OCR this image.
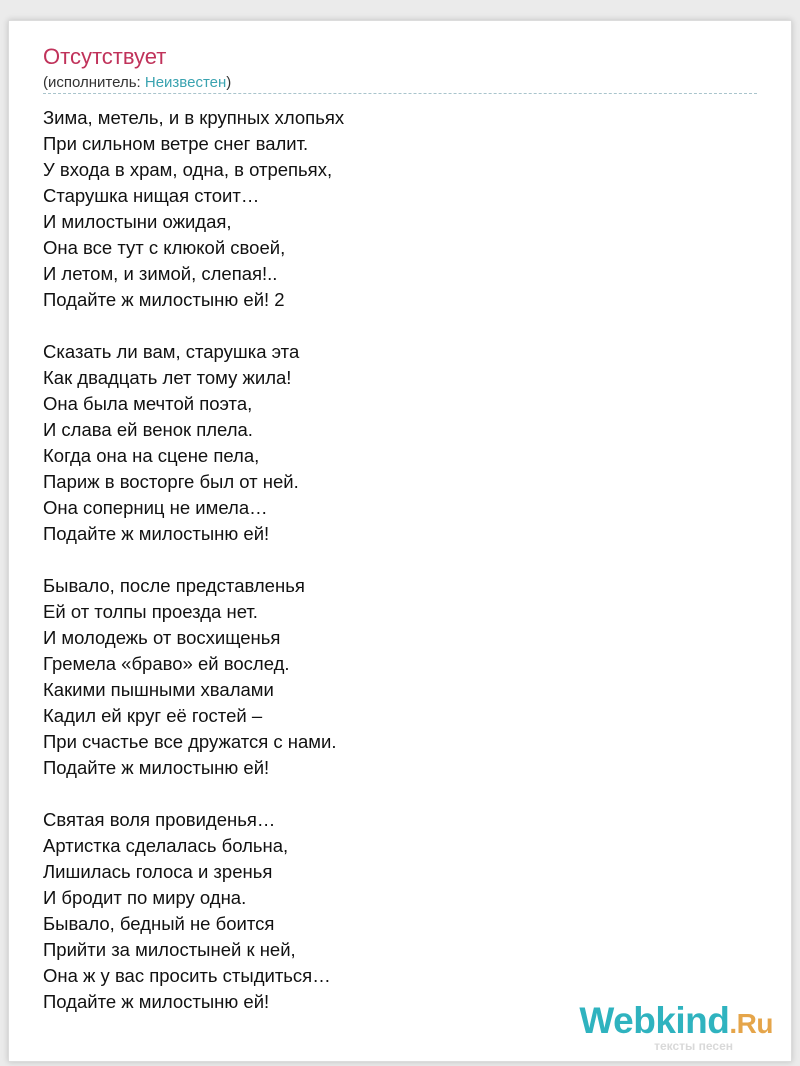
Отсутствует
(исполнитель: Неизвестен)
Зима, метель, и в крупных хлопьях
При сильном ветре снег валит.
У входа в храм, одна, в отрепьях,
Старушка нищая стоит…
И милостыни ожидая,
Она все тут с клюкой своей,
И летом, и зимой, слепая!..
Подайте ж милостыню ей! 2
Сказать ли вам, старушка эта
Как двадцать лет тому жила!
Она была мечтой поэта,
И слава ей венок плела.
Когда она на сцене пела,
Париж в восторге был от ней.
Она соперниц не имела…
Подайте ж милостыню ей!
Бывало, после представленья
Ей от толпы проезда нет.
И молодежь от восхищенья
Гремела «браво» ей вослед.
Какими пышными хвалами
Кадил ей круг её гостей –
При счастье все дружатся с нами.
Подайте ж милостыню ей!
Святая воля провиденья…
Артистка сделалась больна,
Лишилась голоса и зренья
И бродит по миру одна.
Бывало, бедный не боится
Прийти за милостыней к ней,
Она ж у вас просить стыдиться…
Подайте ж милостыню ей!	Webkind.Ru
тексты песен
